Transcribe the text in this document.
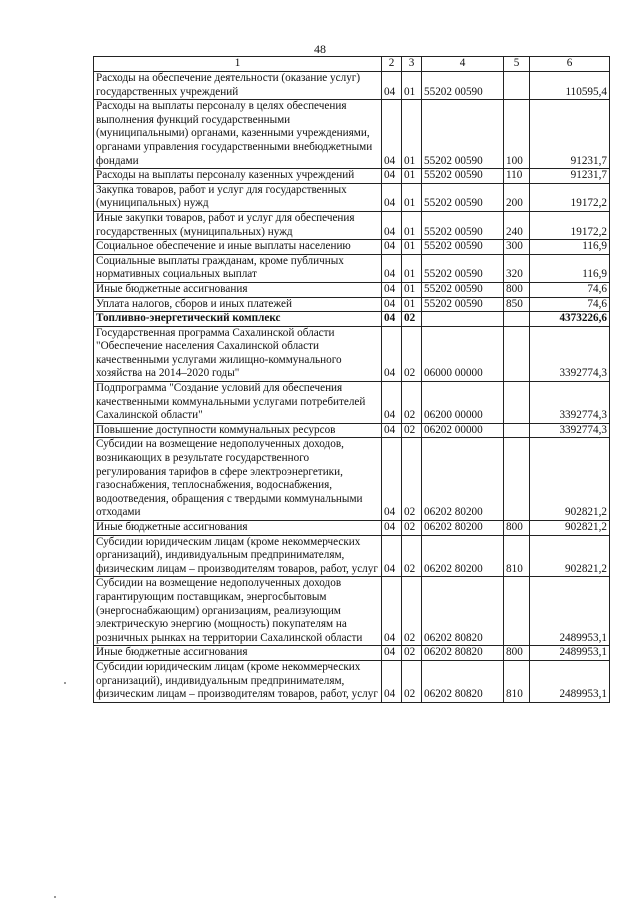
48
1	2	3	4	5	6
Расходы на обеспечение деятельности (оказание услуг) государственных учреждений	04	01	55202 00590		110595,4
Расходы на выплаты персоналу в целях обеспечения выполнения функций государственными (муниципальными) органами, казенными учреждениями, органами управления государственными внебюджетными фондами	04	01	55202 00590	100	91231,7
Расходы на выплаты персоналу казенных учреждений	04	01	55202 00590	110	91231,7
Закупка товаров, работ и услуг для государственных (муниципальных) нужд	04	01	55202 00590	200	19172,2
Иные закупки товаров, работ и услуг для обеспечения государственных (муниципальных) нужд	04	01	55202 00590	240	19172,2
Социальное обеспечение и иные выплаты населению	04	01	55202 00590	300	116,9
Социальные выплаты гражданам, кроме публичных нормативных социальных выплат	04	01	55202 00590	320	116,9
Иные бюджетные ассигнования	04	01	55202 00590	800	74,6
Уплата налогов, сборов и иных платежей	04	01	55202 00590	850	74,6
Топливно-энергетический комплекс	04	02			4373226,6
Государственная программа Сахалинской области "Обеспечение населения Сахалинской области качественными услугами жилищно-коммунального хозяйства на 2014–2020 годы"	04	02	06000 00000		3392774,3
Подпрограмма "Создание условий для обеспечения качественными коммунальными услугами потребителей Сахалинской области"	04	02	06200 00000		3392774,3
Повышение доступности коммунальных ресурсов	04	02	06202 00000		3392774,3
Субсидии на возмещение недополученных доходов, возникающих в результате государственного регулирования тарифов в сфере электроэнергетики, газоснабжения, теплоснабжения, водоснабжения, водоотведения, обращения с твердыми коммунальными отходами	04	02	06202 80200		902821,2
Иные бюджетные ассигнования	04	02	06202 80200	800	902821,2
Субсидии юридическим лицам (кроме некоммерческих организаций), индивидуальным предпринимателям, физическим лицам – производителям товаров, работ, услуг	04	02	06202 80200	810	902821,2
Субсидии на возмещение недополученных доходов гарантирующим поставщикам, энергосбытовым (энергоснабжающим) организациям, реализующим электрическую энергию (мощность) покупателям на розничных рынках на территории Сахалинской области	04	02	06202 80820		2489953,1
Иные бюджетные ассигнования	04	02	06202 80820	800	2489953,1
Субсидии юридическим лицам (кроме некоммерческих организаций), индивидуальным предпринимателям, физическим лицам – производителям товаров, работ, услуг	04	02	06202 80820	810	2489953,1
